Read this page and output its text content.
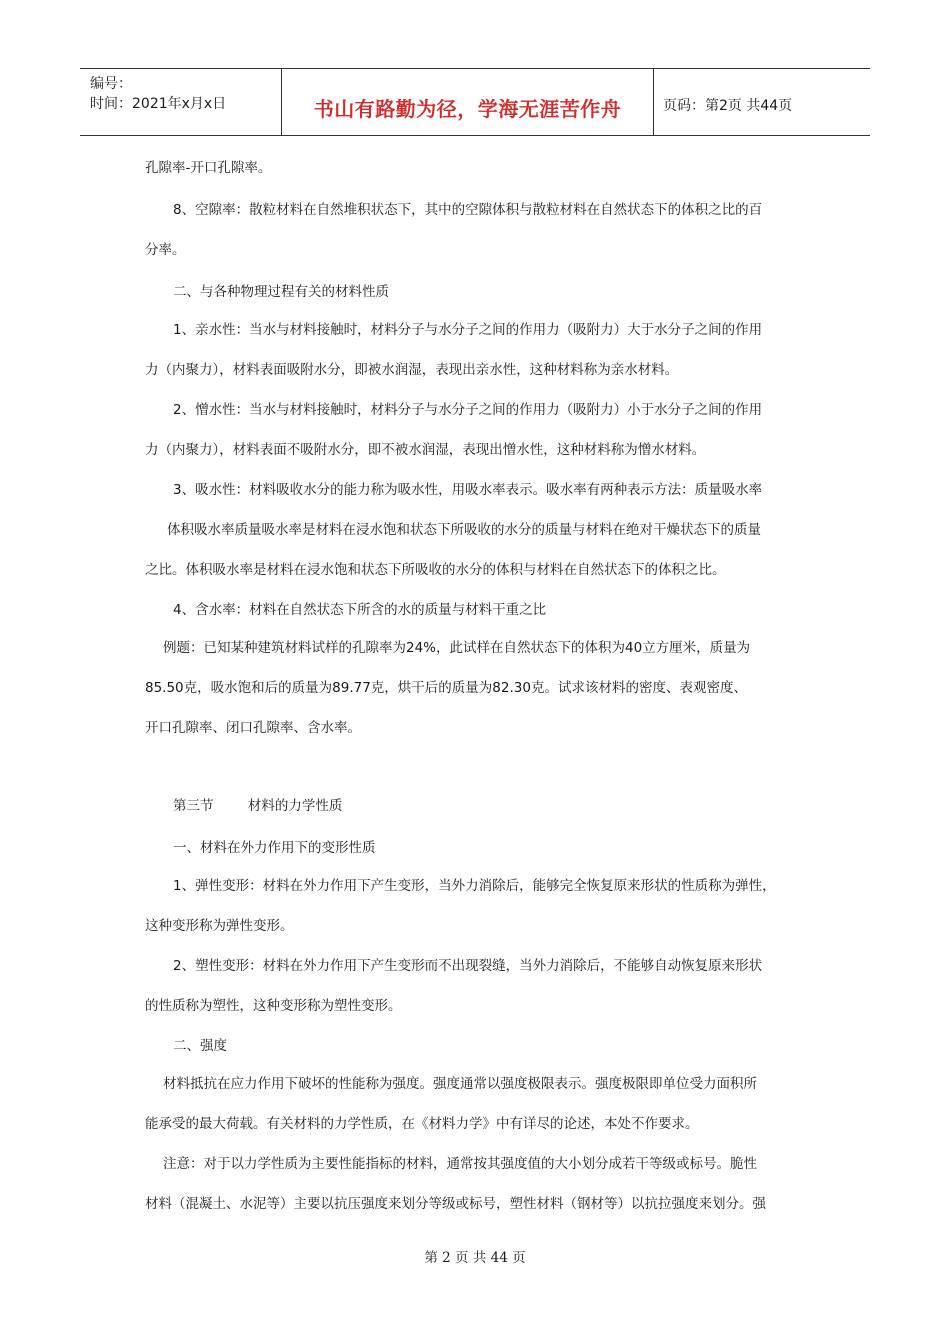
编号：
时间：2021年x月x日	书山有路勤为径，学海无涯苦作舟	页码：第2页 共44页

孔隙率-开口孔隙率。

8、空隙率：散粒材料在自然堆积状态下，其中的空隙体积与散粒材料在自然状态下的体积之比的百
分率。

二、与各种物理过程有关的材料性质

1、亲水性：当水与材料接触时，材料分子与水分子之间的作用力（吸附力）大于水分子之间的作用
力（内聚力），材料表面吸附水分，即被水润湿，表现出亲水性，这种材料称为亲水材料。

2、憎水性：当水与材料接触时，材料分子与水分子之间的作用力（吸附力）小于水分子之间的作用
力（内聚力），材料表面不吸附水分，即不被水润湿，表现出憎水性，这种材料称为憎水材料。

3、吸水性：材料吸收水分的能力称为吸水性，用吸水率表示。吸水率有两种表示方法：质量吸水率
体积吸水率质量吸水率是材料在浸水饱和状态下所吸收的水分的质量与材料在绝对干燥状态下的质量
之比。体积吸水率是材料在浸水饱和状态下所吸收的水分的体积与材料在自然状态下的体积之比。

4、含水率：材料在自然状态下所含的水的质量与材料干重之比

例题：已知某种建筑材料试样的孔隙率为24%，此试样在自然状态下的体积为40立方厘米，质量为
85.50克，吸水饱和后的质量为89.77克，烘干后的质量为82.30克。试求该材料的密度、表观密度、
开口孔隙率、闭口孔隙率、含水率。

第三节        材料的力学性质

一、材料在外力作用下的变形性质

1、弹性变形：材料在外力作用下产生变形，当外力消除后，能够完全恢复原来形状的性质称为弹性，
这种变形称为弹性变形。

2、塑性变形：材料在外力作用下产生变形而不出现裂缝，当外力消除后，不能够自动恢复原来形状
的性质称为塑性，这种变形称为塑性变形。

二、强度

材料抵抗在应力作用下破坏的性能称为强度。强度通常以强度极限表示。强度极限即单位受力面积所
能承受的最大荷载。有关材料的力学性质，在《材料力学》中有详尽的论述，本处不作要求。

注意：对于以力学性质为主要性能指标的材料，通常按其强度值的大小划分成若干等级或标号。脆性
材料（混凝土、水泥等）主要以抗压强度来划分等级或标号，塑性材料（钢材等）以抗拉强度来划分。强

第 2 页 共 44 页
